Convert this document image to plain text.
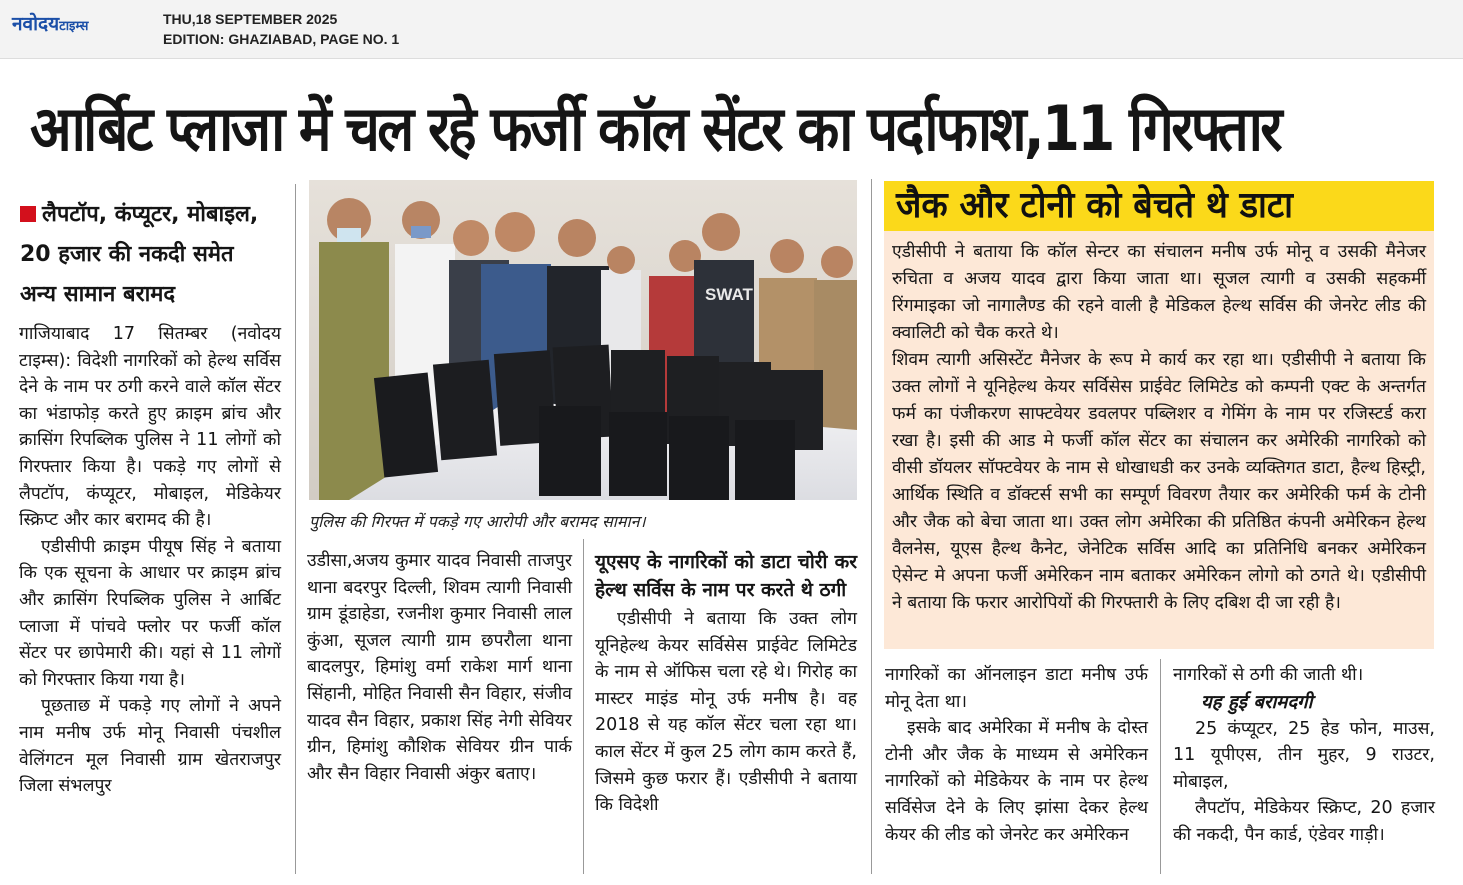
नवोदयटाइम्स	THU,18 SEPTEMBER 2025
EDITION: GHAZIABAD, PAGE NO. 1
आर्बिट प्लाजा में चल रहे फर्जी कॉल सेंटर का पर्दाफाश,11 गिरफ्तार
लैपटॉप, कंप्यूटर, मोबाइल,
20 हजार की नकदी समेत
अन्य सामान बरामद

गाजियाबाद 17 सितम्बर (नवोदय टाइम्स): विदेशी नागरिकों को हेल्थ सर्विस देने के नाम पर ठगी करने वाले कॉल सेंटर का भंडाफोड़ करते हुए क्राइम ब्रांच और क्रासिंग रिपब्लिक पुलिस ने 11 लोगों को गिरफ्तार किया है। पकड़े गए लोगों से लैपटॉप, कंप्यूटर, मोबाइल, मेडिकेयर स्क्रिप्ट और कार बरामद की है।

एडीसीपी क्राइम पीयूष सिंह ने बताया कि एक सूचना के आधार पर क्राइम ब्रांच और क्रासिंग रिपब्लिक पुलिस ने आर्बिट प्लाजा में पांचवे फ्लोर पर फर्जी कॉल सेंटर पर छापेमारी की। यहां से 11 लोगों को गिरफ्तार किया गया है।

पूछताछ में पकड़े गए लोगों ने अपने नाम मनीष उर्फ मोनू निवासी पंचशील वेलिंगटन मूल निवासी ग्राम खेतराजपुर जिला संभलपुर

SWAT
पुलिस की गिरफ्त में पकड़े गए आरोपी और बरामद सामान।

उडीसा,अजय कुमार यादव निवासी ताजपुर थाना बदरपुर दिल्ली, शिवम त्यागी निवासी ग्राम डूंडाहेडा, रजनीश कुमार निवासी लाल कुंआ, सूजल त्यागी ग्राम छपरौला थाना बादलपुर, हिमांशु वर्मा राकेश मार्ग थाना सिंहानी, मोहित निवासी सैन विहार, संजीव यादव सैन विहार, प्रकाश सिंह नेगी सेवियर ग्रीन, हिमांशु कौशिक सेवियर ग्रीन पार्क और सैन विहार निवासी अंकुर बताए।

यूएसए के नागरिकों को डाटा चोरी कर हेल्थ सर्विस के नाम पर करते थे ठगी

एडीसीपी ने बताया कि उक्त लोग यूनिहेल्थ केयर सर्विसेस प्राईवेट लिमिटेड के नाम से ऑफिस चला रहे थे। गिरोह का मास्टर माइंड मोनू उर्फ मनीष है। वह 2018 से यह कॉल सेंटर चला रहा था। काल सेंटर में कुल 25 लोग काम करते हैं, जिसमे कुछ फरार हैं। एडीसीपी ने बताया कि विदेशी

जैक और टोनी को बेचते थे डाटा

एडीसीपी ने बताया कि कॉल सेन्टर का संचालन मनीष उर्फ मोनू व उसकी मैनेजर रुचिता व अजय यादव द्वारा किया जाता था। सूजल त्यागी व उसकी सहकर्मी रिंगमाइका जो नागालैण्ड की रहने वाली है मेडिकल हेल्थ सर्विस की जेनरेट लीड की क्वालिटी को चैक करते थे।

शिवम त्यागी असिस्टेंट मैनेजर के रूप मे कार्य कर रहा था। एडीसीपी ने बताया कि उक्त लोगों ने यूनिहेल्थ केयर सर्विसेस प्राईवेट लिमिटेड को कम्पनी एक्ट के अन्तर्गत फर्म का पंजीकरण साफ्टवेयर डवलपर पब्लिशर व गेमिंग के नाम पर रजिस्टर्ड करा रखा है। इसी की आड मे फर्जी कॉल सेंटर का संचालन कर अमेरिकी नागरिको को वीसी डॉयलर सॉफ्टवेयर के नाम से धोखाधडी कर उनके व्यक्तिगत डाटा, हैल्थ हिस्ट्री, आर्थिक स्थिति व डॉक्टर्स सभी का सम्पूर्ण विवरण तैयार कर अमेरिकी फर्म के टोनी और जैक को बेचा जाता था। उक्त लोग अमेरिका की प्रतिष्ठित कंपनी अमेरिकन हेल्थ वैलनेस, यूएस हैल्थ कैनेट, जेनेटिक सर्विस आदि का प्रतिनिधि बनकर अमेरिकन ऐसेन्ट मे अपना फर्जी अमेरिकन नाम बताकर अमेरिकन लोगो को ठगते थे। एडीसीपी ने बताया कि फरार आरोपियों की गिरफ्तारी के लिए दबिश दी जा रही है।

नागरिकों का ऑनलाइन डाटा मनीष उर्फ मोनू देता था।

इसके बाद अमेरिका में मनीष के दोस्त टोनी और जैक के माध्यम से अमेरिकन नागरिकों को मेडिकेयर के नाम पर हेल्थ सर्विसेज देने के लिए झांसा देकर हेल्थ केयर की लीड को जेनरेट कर अमेरिकन

नागरिकों से ठगी की जाती थी।

यह हुई बरामदगी

25 कंप्यूटर, 25 हेड फोन, माउस, 11 यूपीएस, तीन मुहर, 9 राउटर, मोबाइल,

लैपटॉप, मेडिकेयर स्क्रिप्ट, 20 हजार की नकदी, पैन कार्ड, एंडेवर गाड़ी।
